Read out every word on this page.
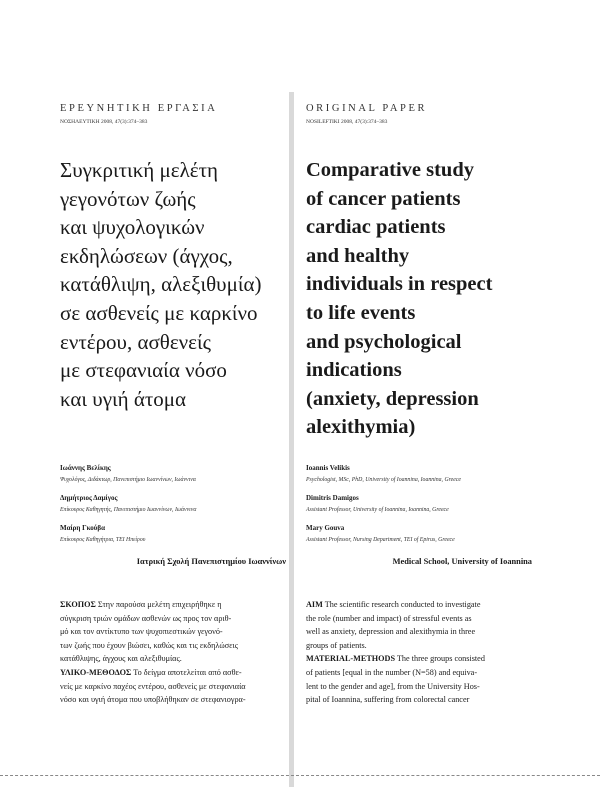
ΕΡΕΥΝΗΤΙΚΗ ΕΡΓΑΣΙΑ
ΝΟΣΗΛΕΥΤΙΚΗ 2008, 47(3):374–383
Συγκριτική μελέτη
γεγονότων ζωής
και ψυχολογικών
εκδηλώσεων (άγχος,
κατάθλιψη, αλεξιθυμία)
σε ασθενείς με καρκίνο
εντέρου, ασθενείς
με στεφανιαία νόσο
και υγιή άτομα
Ιωάννης Βελίκης
Ψυχολόγος, Διδάκτωρ, Πανεπιστήμιο Ιωαννίνων, Ιωάννινα
Δημήτριος Δαμίγος
Επίκουρος Καθηγητής, Πανεπιστήμιο Ιωαννίνων, Ιωάννινα
Μαίρη Γκούβα
Επίκουρος Καθηγήτρια, ΤΕΙ Ηπείρου
Ιατρική Σχολή Πανεπιστημίου Ιωαννίνων
ΣΚΟΠΟΣ Στην παρούσα μελέτη επιχειρήθηκε η
σύγκριση τριών ομάδων ασθενών ως προς τον αριθ-
μό και τον αντίκτυπο των ψυχοπιεστικών γεγονό-
των ζωής που έχουν βιώσει, καθώς και τις εκδηλώσεις
κατάθλιψης, άγχους και αλεξιθυμίας.
ΥΛΙΚΟ-ΜΕΘΟΔΟΣ Το δείγμα αποτελείται από ασθε-
νείς με καρκίνο παχέος εντέρου, ασθενείς με στεφανιαία
νόσο και υγιή άτομα που υποβλήθηκαν σε στεφανιογρα-
ORIGINAL PAPER
NOSILEFTIKI 2008, 47(3):374–383
Comparative study
of cancer patients
cardiac patients
and healthy
individuals in respect
to life events
and psychological
indications
(anxiety, depression
alexithymia)
Ioannis Velikis
Psychologist, MSc, PhD, University of Ioannina, Ioannina, Greece
Dimitris Damigos
Assistant Professor, University of Ioannina, Ioannina, Greece
Mary Gouva
Assistant Professor, Nursing Department, TEI of Epirus, Greece
Medical School, University of Ioannina
AIM The scientific research conducted to investigate
the role (number and impact) of stressful events as
well as anxiety, depression and alexithymia in three
groups of patients.
MATERIAL-METHODS The three groups consisted
of patients [equal in the number (N=58) and equiva-
lent to the gender and age], from the University Hos-
pital of Ioannina, suffering from colorectal cancer
